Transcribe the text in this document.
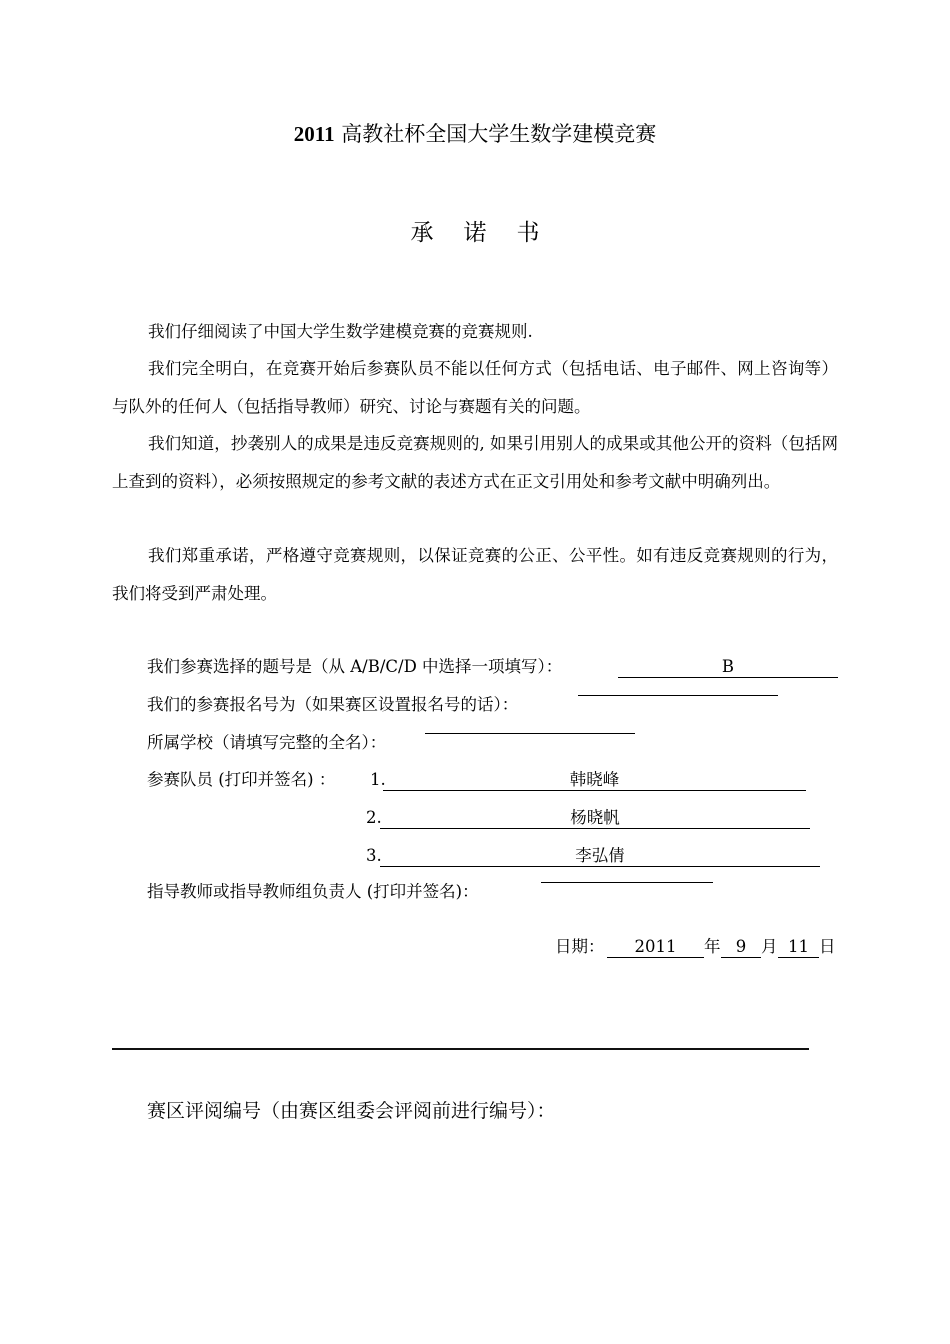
2011 高教社杯全国大学生数学建模竞赛
承诺书
我们仔细阅读了中国大学生数学建模竞赛的竞赛规则.
我们完全明白，在竞赛开始后参赛队员不能以任何方式（包括电话、电子邮件、网上咨询等）与队外的任何人（包括指导教师）研究、讨论与赛题有关的问题。
我们知道，抄袭别人的成果是违反竞赛规则的, 如果引用别人的成果或其他公开的资料（包括网上查到的资料），必须按照规定的参考文献的表述方式在正文引用处和参考文献中明确列出。
我们郑重承诺，严格遵守竞赛规则，以保证竞赛的公正、公平性。如有违反竞赛规则的行为，我们将受到严肃处理。
我们参赛选择的题号是（从 A/B/C/D 中选择一项填写）：	B
我们的参赛报名号为（如果赛区设置报名号的话）：
所属学校（请填写完整的全名）：
参赛队员 (打印并签名) ： 1.	韩晓峰
2.	杨晓帆
3.	李弘倩
指导教师或指导教师组负责人 (打印并签名)：
日期：	2011	年 9 月 11 日
赛区评阅编号（由赛区组委会评阅前进行编号）：
